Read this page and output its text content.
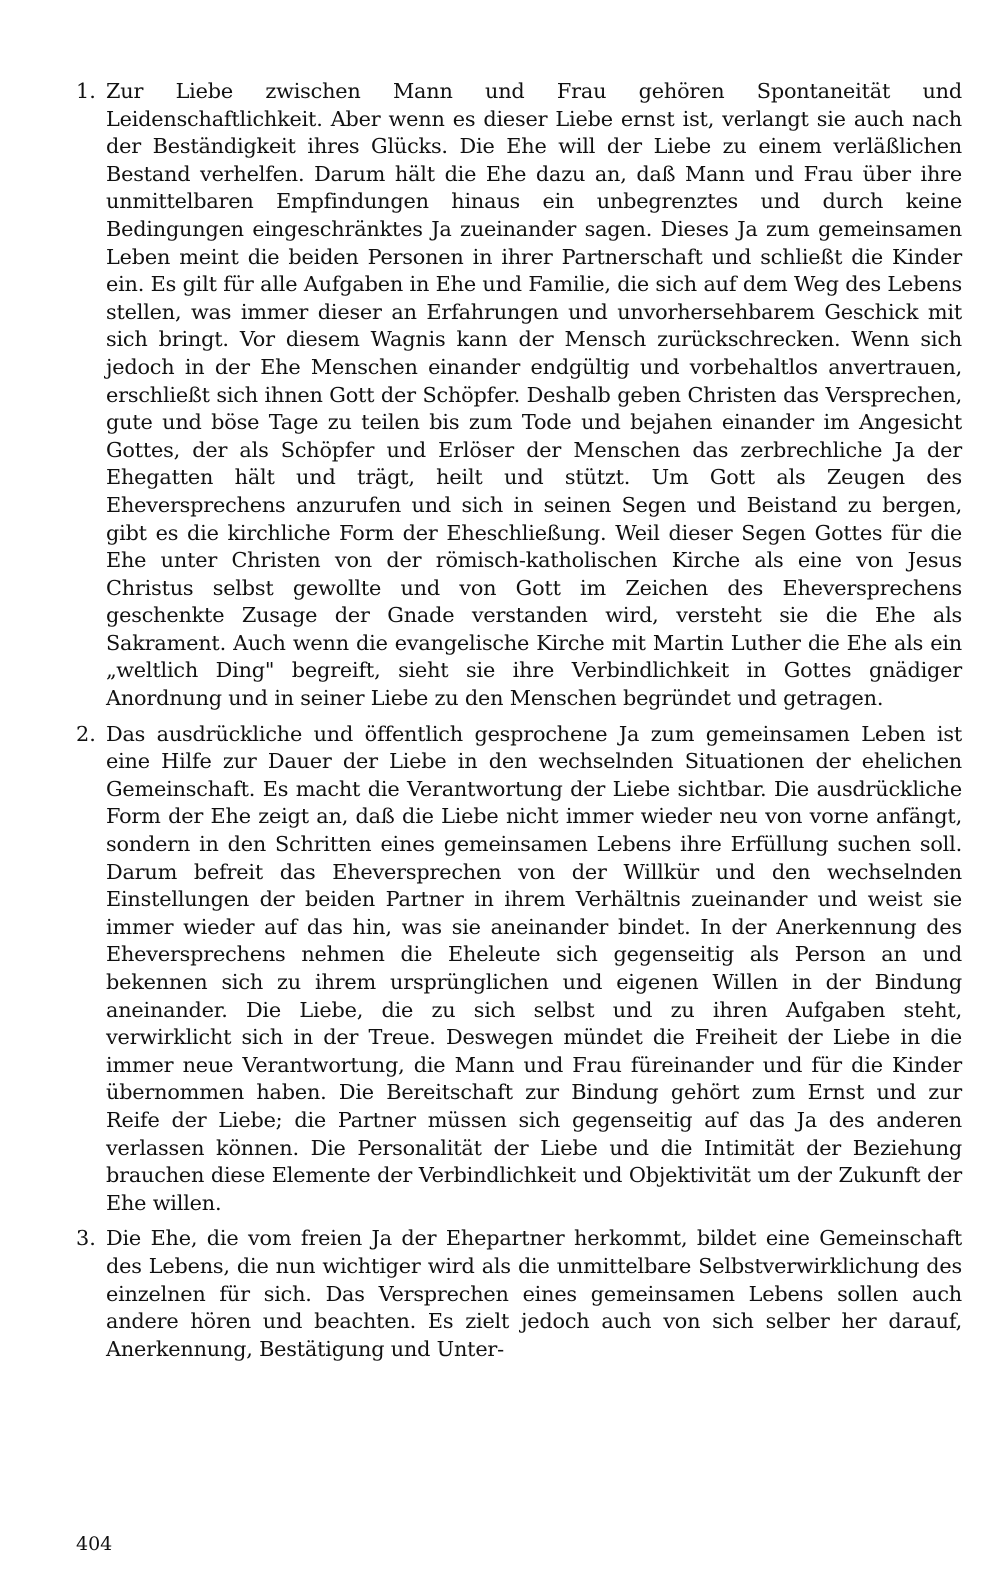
1. Zur Liebe zwischen Mann und Frau gehören Spontaneität und Leidenschaftlichkeit. Aber wenn es dieser Liebe ernst ist, verlangt sie auch nach der Beständigkeit ihres Glücks. Die Ehe will der Liebe zu einem verläßlichen Bestand verhelfen. Darum hält die Ehe dazu an, daß Mann und Frau über ihre unmittelbaren Empfindungen hinaus ein unbegrenztes und durch keine Bedingungen eingeschränktes Ja zueinander sagen. Dieses Ja zum gemeinsamen Leben meint die beiden Personen in ihrer Partnerschaft und schließt die Kinder ein. Es gilt für alle Aufgaben in Ehe und Familie, die sich auf dem Weg des Lebens stellen, was immer dieser an Erfahrungen und unvorhersehbarem Geschick mit sich bringt. Vor diesem Wagnis kann der Mensch zurückschrecken. Wenn sich jedoch in der Ehe Menschen einander endgültig und vorbehaltlos anvertrauen, erschließt sich ihnen Gott der Schöpfer. Deshalb geben Christen das Versprechen, gute und böse Tage zu teilen bis zum Tode und bejahen einander im Angesicht Gottes, der als Schöpfer und Erlöser der Menschen das zerbrechliche Ja der Ehegatten hält und trägt, heilt und stützt. Um Gott als Zeugen des Eheversprechens anzurufen und sich in seinen Segen und Beistand zu bergen, gibt es die kirchliche Form der Eheschließung. Weil dieser Segen Gottes für die Ehe unter Christen von der römisch-katholischen Kirche als eine von Jesus Christus selbst gewollte und von Gott im Zeichen des Eheversprechens geschenkte Zusage der Gnade verstanden wird, versteht sie die Ehe als Sakrament. Auch wenn die evangelische Kirche mit Martin Luther die Ehe als ein „weltlich Ding" begreift, sieht sie ihre Verbindlichkeit in Gottes gnädiger Anordnung und in seiner Liebe zu den Menschen begründet und getragen.

2. Das ausdrückliche und öffentlich gesprochene Ja zum gemeinsamen Leben ist eine Hilfe zur Dauer der Liebe in den wechselnden Situationen der ehelichen Gemeinschaft. Es macht die Verantwortung der Liebe sichtbar. Die ausdrückliche Form der Ehe zeigt an, daß die Liebe nicht immer wieder neu von vorne anfängt, sondern in den Schritten eines gemeinsamen Lebens ihre Erfüllung suchen soll. Darum befreit das Eheversprechen von der Willkür und den wechselnden Einstellungen der beiden Partner in ihrem Verhältnis zueinander und weist sie immer wieder auf das hin, was sie aneinander bindet. In der Anerkennung des Eheversprechens nehmen die Eheleute sich gegenseitig als Person an und bekennen sich zu ihrem ursprünglichen und eigenen Willen in der Bindung aneinander. Die Liebe, die zu sich selbst und zu ihren Aufgaben steht, verwirklicht sich in der Treue. Deswegen mündet die Freiheit der Liebe in die immer neue Verantwortung, die Mann und Frau füreinander und für die Kinder übernommen haben. Die Bereitschaft zur Bindung gehört zum Ernst und zur Reife der Liebe; die Partner müssen sich gegenseitig auf das Ja des anderen verlassen können. Die Personalität der Liebe und die Intimität der Beziehung brauchen diese Elemente der Verbindlichkeit und Objektivität um der Zukunft der Ehe willen.

3. Die Ehe, die vom freien Ja der Ehepartner herkommt, bildet eine Gemeinschaft des Lebens, die nun wichtiger wird als die unmittelbare Selbstverwirklichung des einzelnen für sich. Das Versprechen eines gemeinsamen Lebens sollen auch andere hören und beachten. Es zielt jedoch auch von sich selber her darauf, Anerkennung, Bestätigung und Unter-

404
